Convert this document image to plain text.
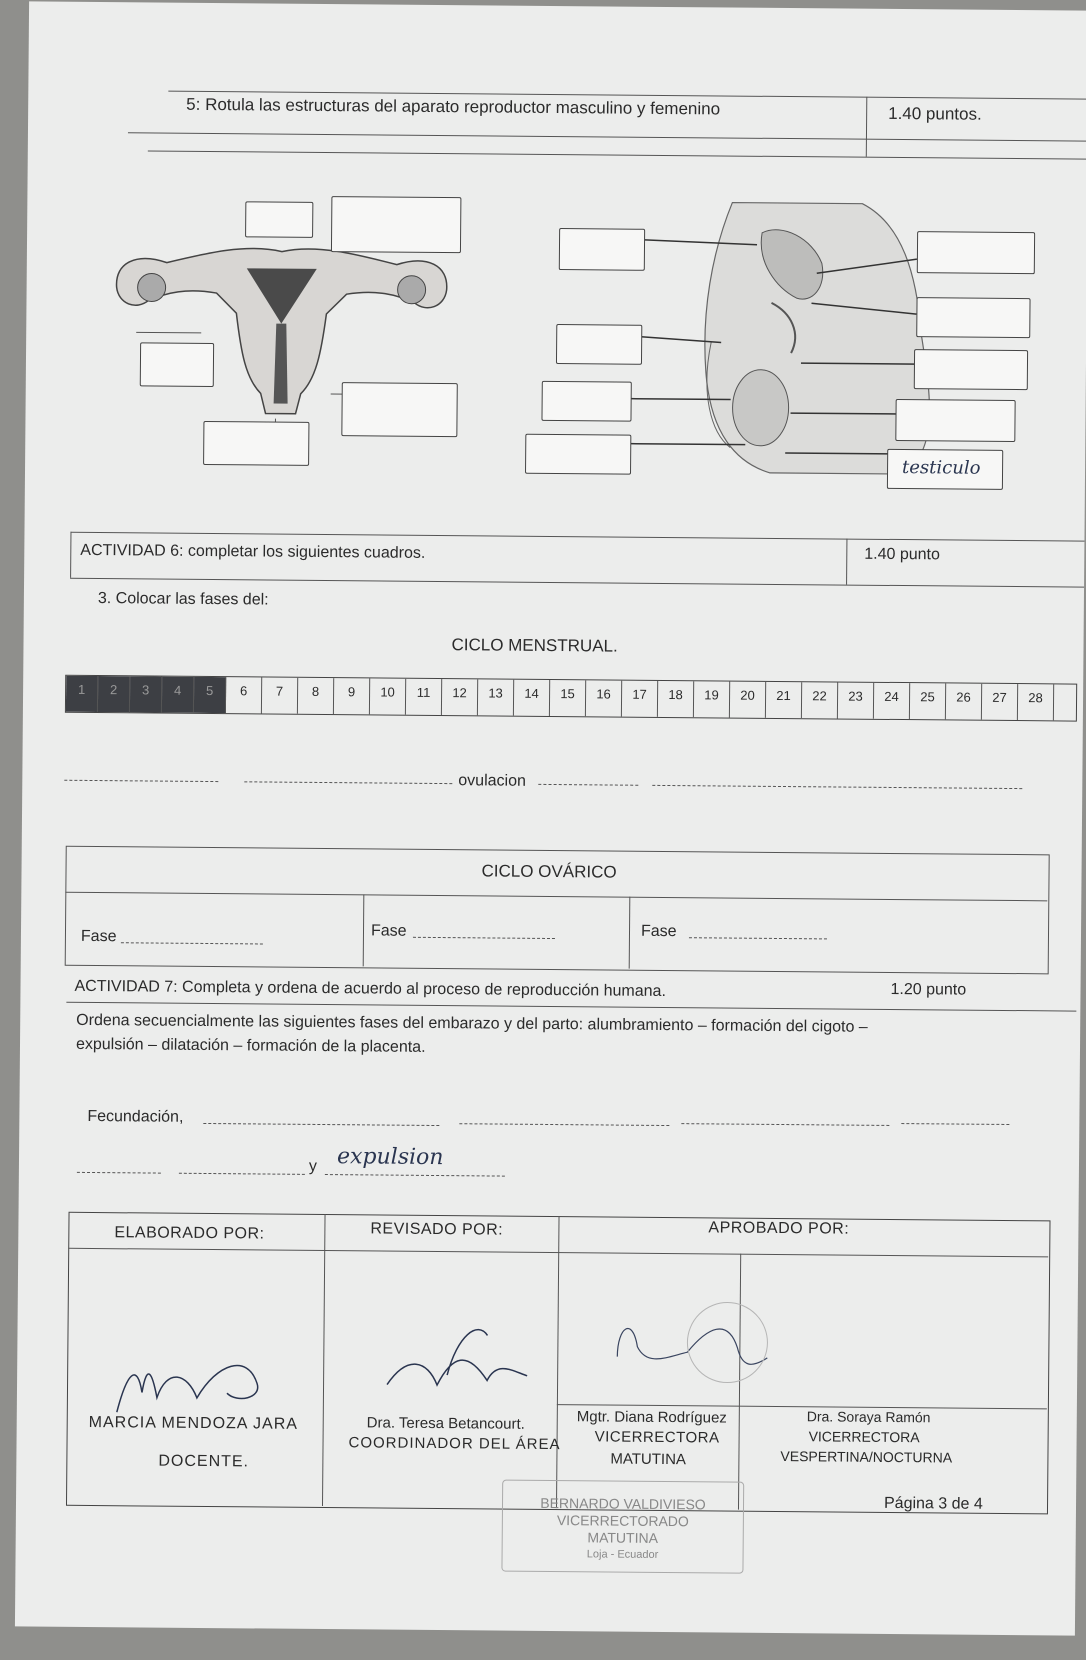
5: Rotula las estructuras del aparato reproductor masculino y femenino	1.40 puntos.
testiculo
ACTIVIDAD 6: completar los siguientes cuadros.	1.40 punto
3. Colocar las fases del:
CICLO MENSTRUAL.
1 2 3 4 5 6 7 8 9 10 11 12 13 14 15 16 17 18 19 20 21 22 23 24 25 26 27 28
ovulacion
CICLO OVÁRICO
Fase	Fase	Fase
ACTIVIDAD 7: Completa y ordena de acuerdo al proceso de reproducción humana.	1.20 punto
Ordena secuencialmente las siguientes fases del embarazo y del parto: alumbramiento – formación del cigoto –
expulsión – dilatación – formación de la placenta.
Fecundación,
y expulsion
ELABORADO POR:	REVISADO POR:	APROBADO POR:
MARCIA MENDOZA JARA
DOCENTE.
Dra. Teresa Betancourt.
COORDINADOR DEL ÁREA
Mgtr. Diana Rodríguez
VICERRECTORA
MATUTINA
Dra. Soraya Ramón
VICERRECTORA
VESPERTINA/NOCTURNA
BERNARDO VALDIVIESO
VICERRECTORADO
MATUTINA
Loja - Ecuador
Página 3 de 4
